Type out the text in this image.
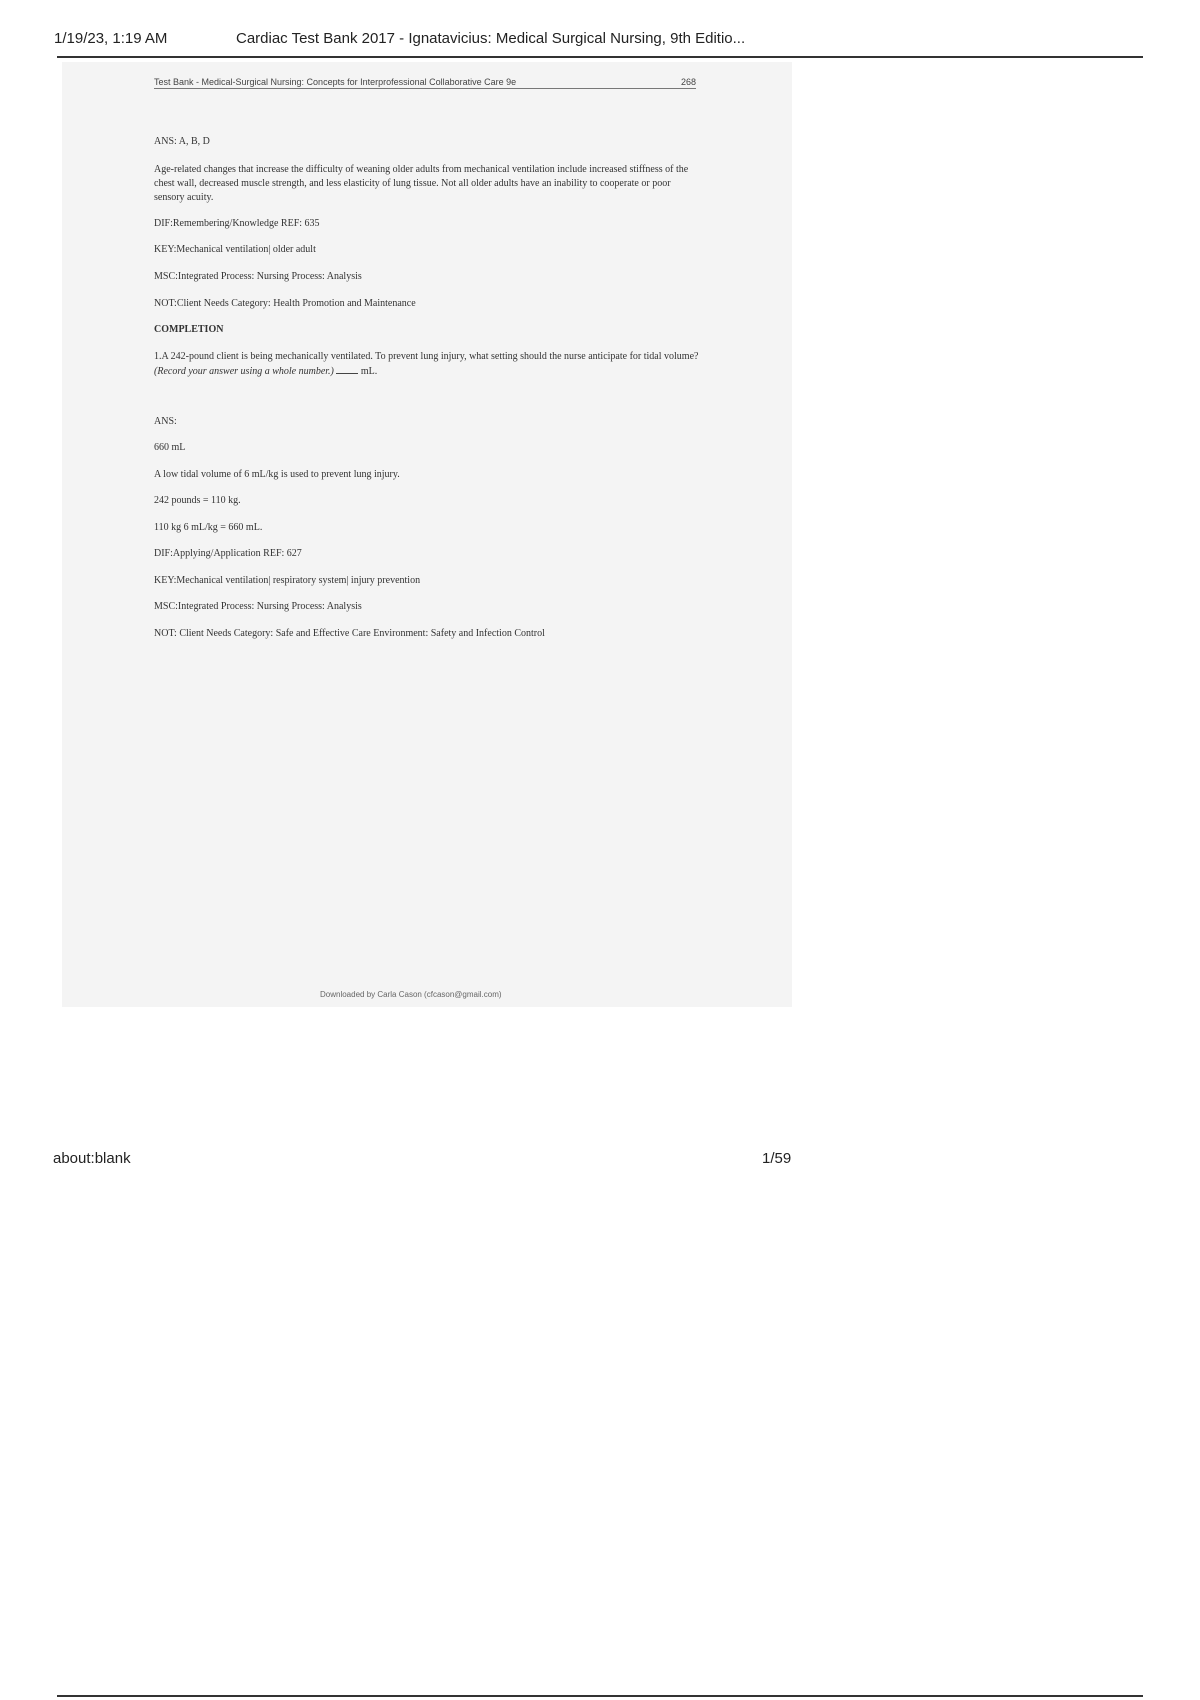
1/19/23, 1:19 AM	Cardiac Test Bank 2017 - Ignatavicius: Medical Surgical Nursing, 9th Editio...
Test Bank - Medical-Surgical Nursing: Concepts for Interprofessional Collaborative Care 9e	268
ANS: A, B, D
Age-related changes that increase the difficulty of weaning older adults from mechanical ventilation include increased stiffness of the chest wall, decreased muscle strength, and less elasticity of lung tissue. Not all older adults have an inability to cooperate or poor sensory acuity.
DIF:Remembering/Knowledge REF: 635
KEY:Mechanical ventilation| older adult
MSC:Integrated Process: Nursing Process: Analysis
NOT:Client Needs Category: Health Promotion and Maintenance
COMPLETION
1.A 242-pound client is being mechanically ventilated. To prevent lung injury, what setting should the nurse anticipate for tidal volume? (Record your answer using a whole number.)	mL.
ANS:
660 mL
A low tidal volume of 6 mL/kg is used to prevent lung injury.
242 pounds = 110 kg.
110 kg 6 mL/kg = 660 mL.
DIF:Applying/Application REF: 627
KEY:Mechanical ventilation| respiratory system| injury prevention
MSC:Integrated Process: Nursing Process: Analysis
NOT: Client Needs Category: Safe and Effective Care Environment: Safety and Infection Control
Downloaded by Carla Cason (cfcason@gmail.com)
about:blank	1/59
